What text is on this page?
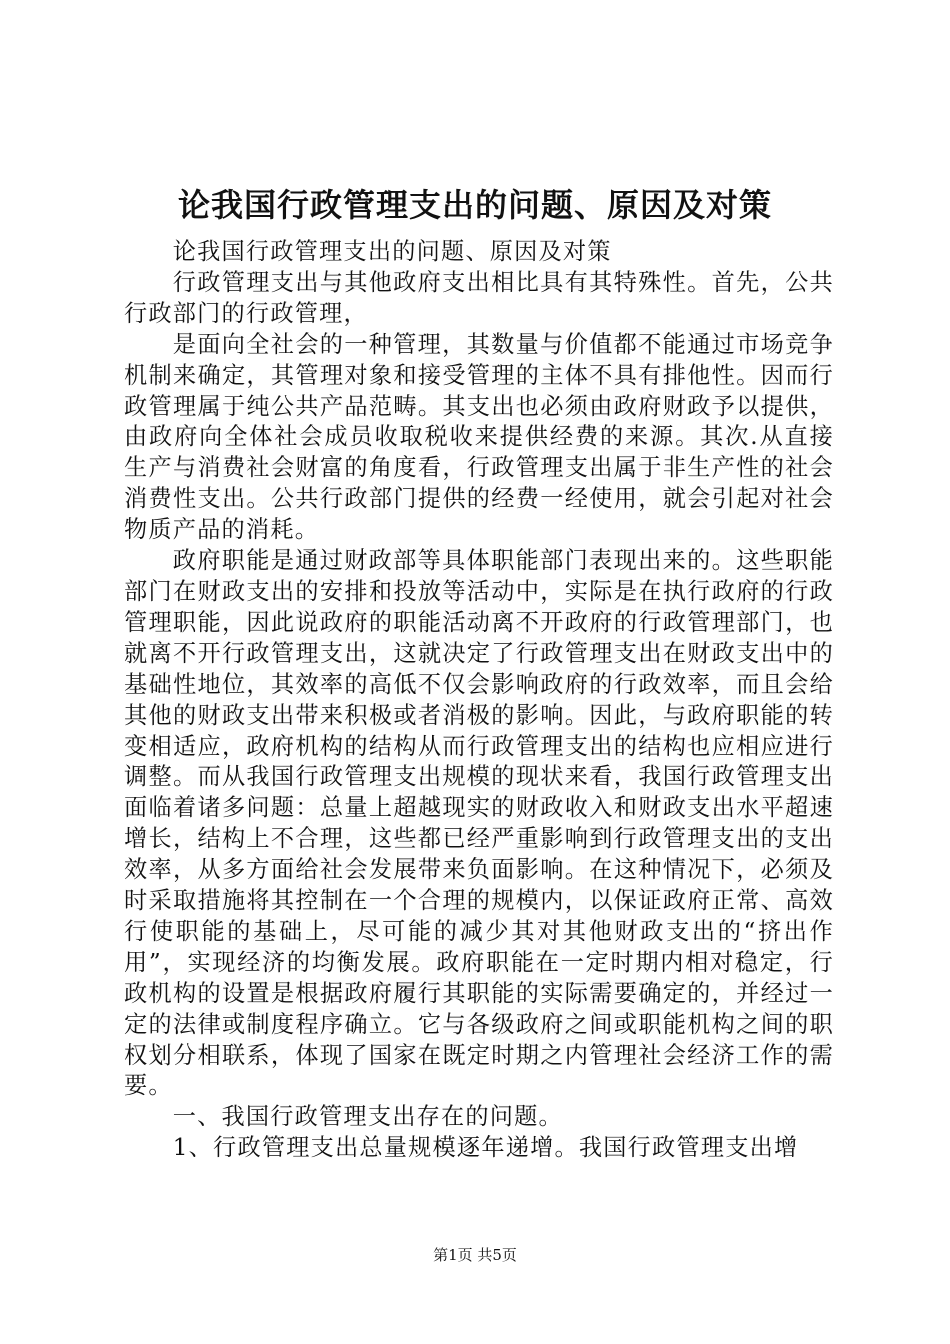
论我国行政管理支出的问题、原因及对策

论我国行政管理支出的问题、原因及对策

行政管理支出与其他政府支出相比具有其特殊性。首先，公共行政部门的行政管理，

是面向全社会的一种管理，其数量与价值都不能通过市场竞争机制来确定，其管理对象和接受管理的主体不具有排他性。因而行政管理属于纯公共产品范畴。其支出也必须由政府财政予以提供，由政府向全体社会成员收取税收来提供经费的来源。其次.从直接生产与消费社会财富的角度看，行政管理支出属于非生产性的社会消费性支出。公共行政部门提供的经费一经使用，就会引起对社会物质产品的消耗。

政府职能是通过财政部等具体职能部门表现出来的。这些职能部门在财政支出的安排和投放等活动中，实际是在执行政府的行政管理职能，因此说政府的职能活动离不开政府的行政管理部门，也就离不开行政管理支出，这就决定了行政管理支出在财政支出中的基础性地位，其效率的高低不仅会影响政府的行政效率，而且会给其他的财政支出带来积极或者消极的影响。因此，与政府职能的转变相适应，政府机构的结构从而行政管理支出的结构也应相应进行调整。而从我国行政管理支出规模的现状来看，我国行政管理支出面临着诸多问题：总量上超越现实的财政收入和财政支出水平超速增长，结构上不合理，这些都已经严重影响到行政管理支出的支出效率，从多方面给社会发展带来负面影响。在这种情况下，必须及时采取措施将其控制在一个合理的规模内，以保证政府正常、高效行使职能的基础上，尽可能的减少其对其他财政支出的“挤出作用”，实现经济的均衡发展。政府职能在一定时期内相对稳定，行政机构的设置是根据政府履行其职能的实际需要确定的，并经过一定的法律或制度程序确立。它与各级政府之间或职能机构之间的职权划分相联系，体现了国家在既定时期之内管理社会经济工作的需要。

一、我国行政管理支出存在的问题。

1、行政管理支出总量规模逐年递增。我国行政管理支出增

第1页 共5页
